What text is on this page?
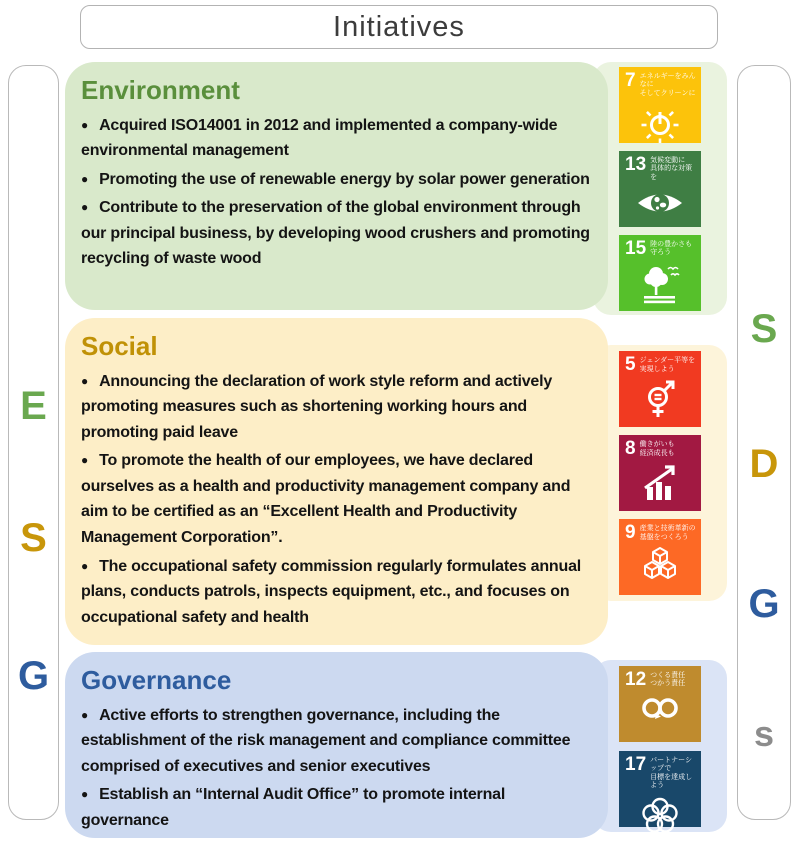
Initiatives
E
S
G
S
D
G
s
7 エネルギーをみんなに
そしてクリーンに
13 気候変動に
具体的な対策を
15 陸の豊かさも
守ろう
Environment

● Acquired ISO14001 in 2012 and implemented a company-wide environmental management

● Promoting the use of renewable energy by solar power generation

● Contribute to the preservation of the global environment through our principal business, by developing wood crushers and promoting recycling of waste wood

5 ジェンダー平等を
実現しよう
8 働きがいも
経済成長も
9 産業と技術革新の
基盤をつくろう
Social

● Announcing the declaration of work style reform and actively promoting measures such as shortening working hours and promoting paid leave

● To promote the health of our employees, we have declared ourselves as a health and productivity management company and aim to be certified as an “Excellent Health and Productivity Management Corporation”.

● The occupational safety commission regularly formulates annual plans, conducts patrols, inspects equipment, etc., and focuses on occupational safety and health

12 つくる責任
つかう責任
17 パートナーシップで
目標を達成しよう
Governance

● Active efforts to strengthen governance, including the establishment of the risk management and compliance committee comprised of executives and senior executives

● Establish an “Internal Audit Office” to promote internal governance
